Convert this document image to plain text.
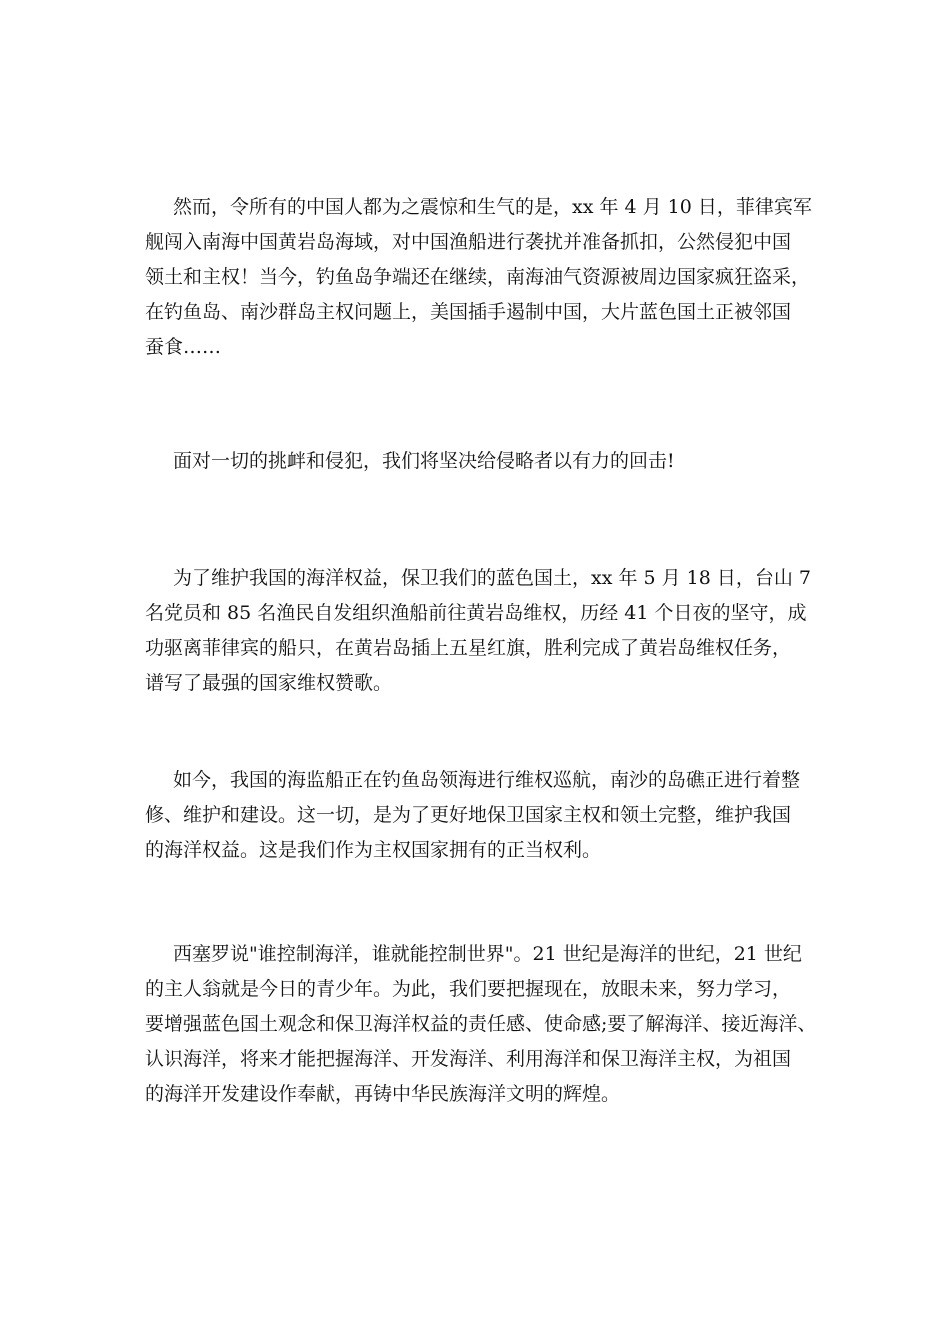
然而，令所有的中国人都为之震惊和生气的是，xx 年 4 月 10 日，菲律宾军
舰闯入南海中国黄岩岛海域，对中国渔船进行袭扰并准备抓扣，公然侵犯中国
领土和主权！当今，钓鱼岛争端还在继续，南海油气资源被周边国家疯狂盗采，
在钓鱼岛、南沙群岛主权问题上，美国插手遏制中国，大片蓝色国土正被邻国
蚕食……
面对一切的挑衅和侵犯，我们将坚决给侵略者以有力的回击!
为了维护我国的海洋权益，保卫我们的蓝色国土，xx 年 5 月 18 日，台山 7
名党员和 85 名渔民自发组织渔船前往黄岩岛维权，历经 41 个日夜的坚守，成
功驱离菲律宾的船只，在黄岩岛插上五星红旗，胜利完成了黄岩岛维权任务，
谱写了最强的国家维权赞歌。
如今，我国的海监船正在钓鱼岛领海进行维权巡航，南沙的岛礁正进行着整
修、维护和建设。这一切，是为了更好地保卫国家主权和领土完整，维护我国
的海洋权益。这是我们作为主权国家拥有的正当权利。
西塞罗说"谁控制海洋，谁就能控制世界"。21 世纪是海洋的世纪，21 世纪
的主人翁就是今日的青少年。为此，我们要把握现在，放眼未来，努力学习，
要增强蓝色国土观念和保卫海洋权益的责任感、使命感;要了解海洋、接近海洋、
认识海洋，将来才能把握海洋、开发海洋、利用海洋和保卫海洋主权，为祖国
的海洋开发建设作奉献，再铸中华民族海洋文明的辉煌。
